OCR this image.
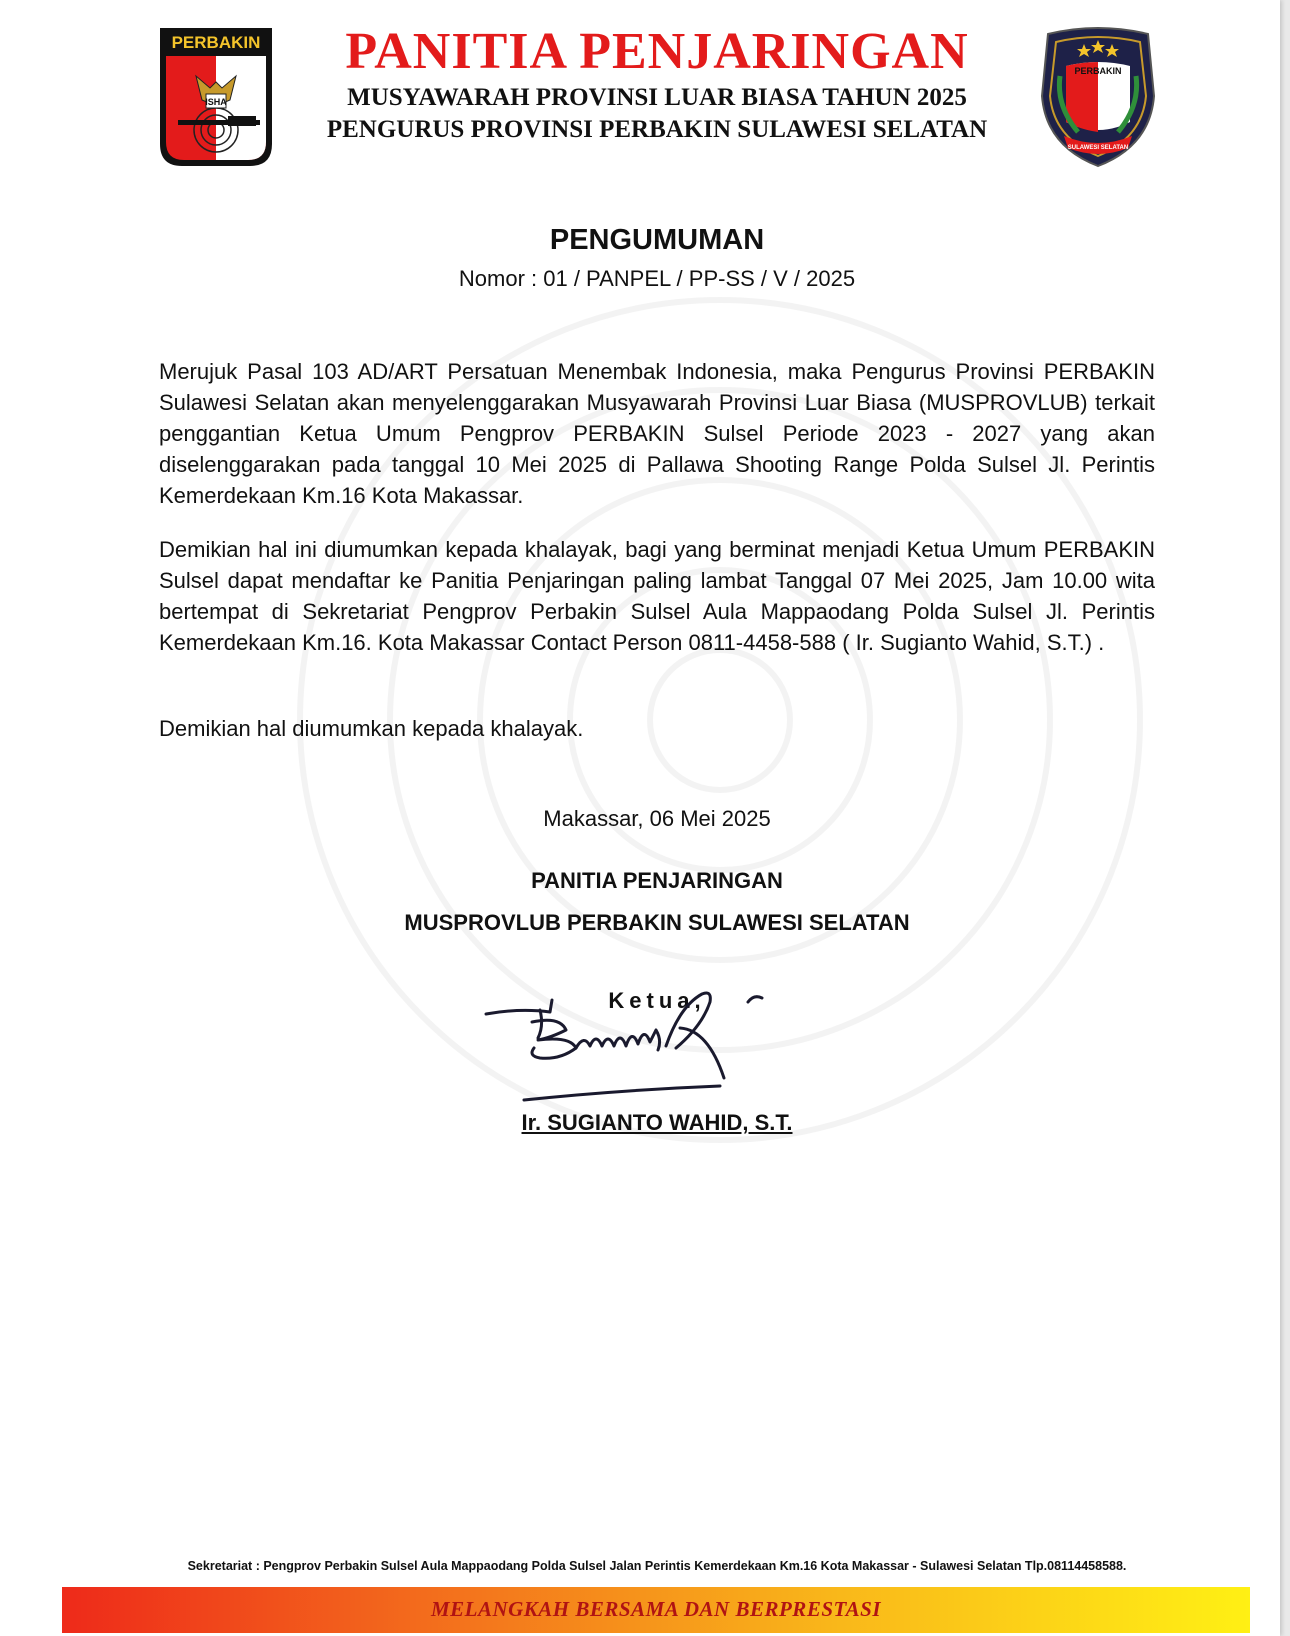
ISHA
PERBAKIN	PANITIA PENJARINGAN
MUSYAWARAH PROVINSI LUAR BIASA TAHUN 2025
PENGURUS PROVINSI PERBAKIN SULAWESI SELATAN
PERBAKIN
SULAWESI SELATAN
PENGUMUMAN
Nomor : 01 / PANPEL / PP-SS / V / 2025
Merujuk Pasal 103 AD/ART Persatuan Menembak Indonesia, maka Pengurus Provinsi PERBAKIN Sulawesi Selatan akan menyelenggarakan Musyawarah Provinsi Luar Biasa (MUSPROVLUB) terkait penggantian Ketua Umum Pengprov PERBAKIN Sulsel Periode 2023 - 2027 yang akan diselenggarakan pada tanggal 10 Mei 2025 di Pallawa Shooting Range Polda Sulsel Jl. Perintis Kemerdekaan Km.16 Kota Makassar.
Demikian hal ini diumumkan kepada khalayak, bagi yang berminat menjadi Ketua Umum PERBAKIN Sulsel dapat mendaftar ke Panitia Penjaringan paling lambat Tanggal 07 Mei 2025, Jam 10.00 wita bertempat di Sekretariat Pengprov Perbakin Sulsel Aula Mappaodang Polda Sulsel Jl. Perintis Kemerdekaan Km.16. Kota Makassar Contact Person 0811-4458-588 ( Ir. Sugianto Wahid, S.T.) .
Demikian hal diumumkan kepada khalayak.
Makassar, 06 Mei 2025
PANITIA PENJARINGAN
MUSPROVLUB PERBAKIN SULAWESI SELATAN
Ketua,
Ir. SUGIANTO WAHID, S.T.
Sekretariat : Pengprov Perbakin Sulsel Aula Mappaodang Polda Sulsel Jalan Perintis Kemerdekaan Km.16 Kota Makassar - Sulawesi Selatan Tlp.08114458588.
MELANGKAH BERSAMA DAN BERPRESTASI
